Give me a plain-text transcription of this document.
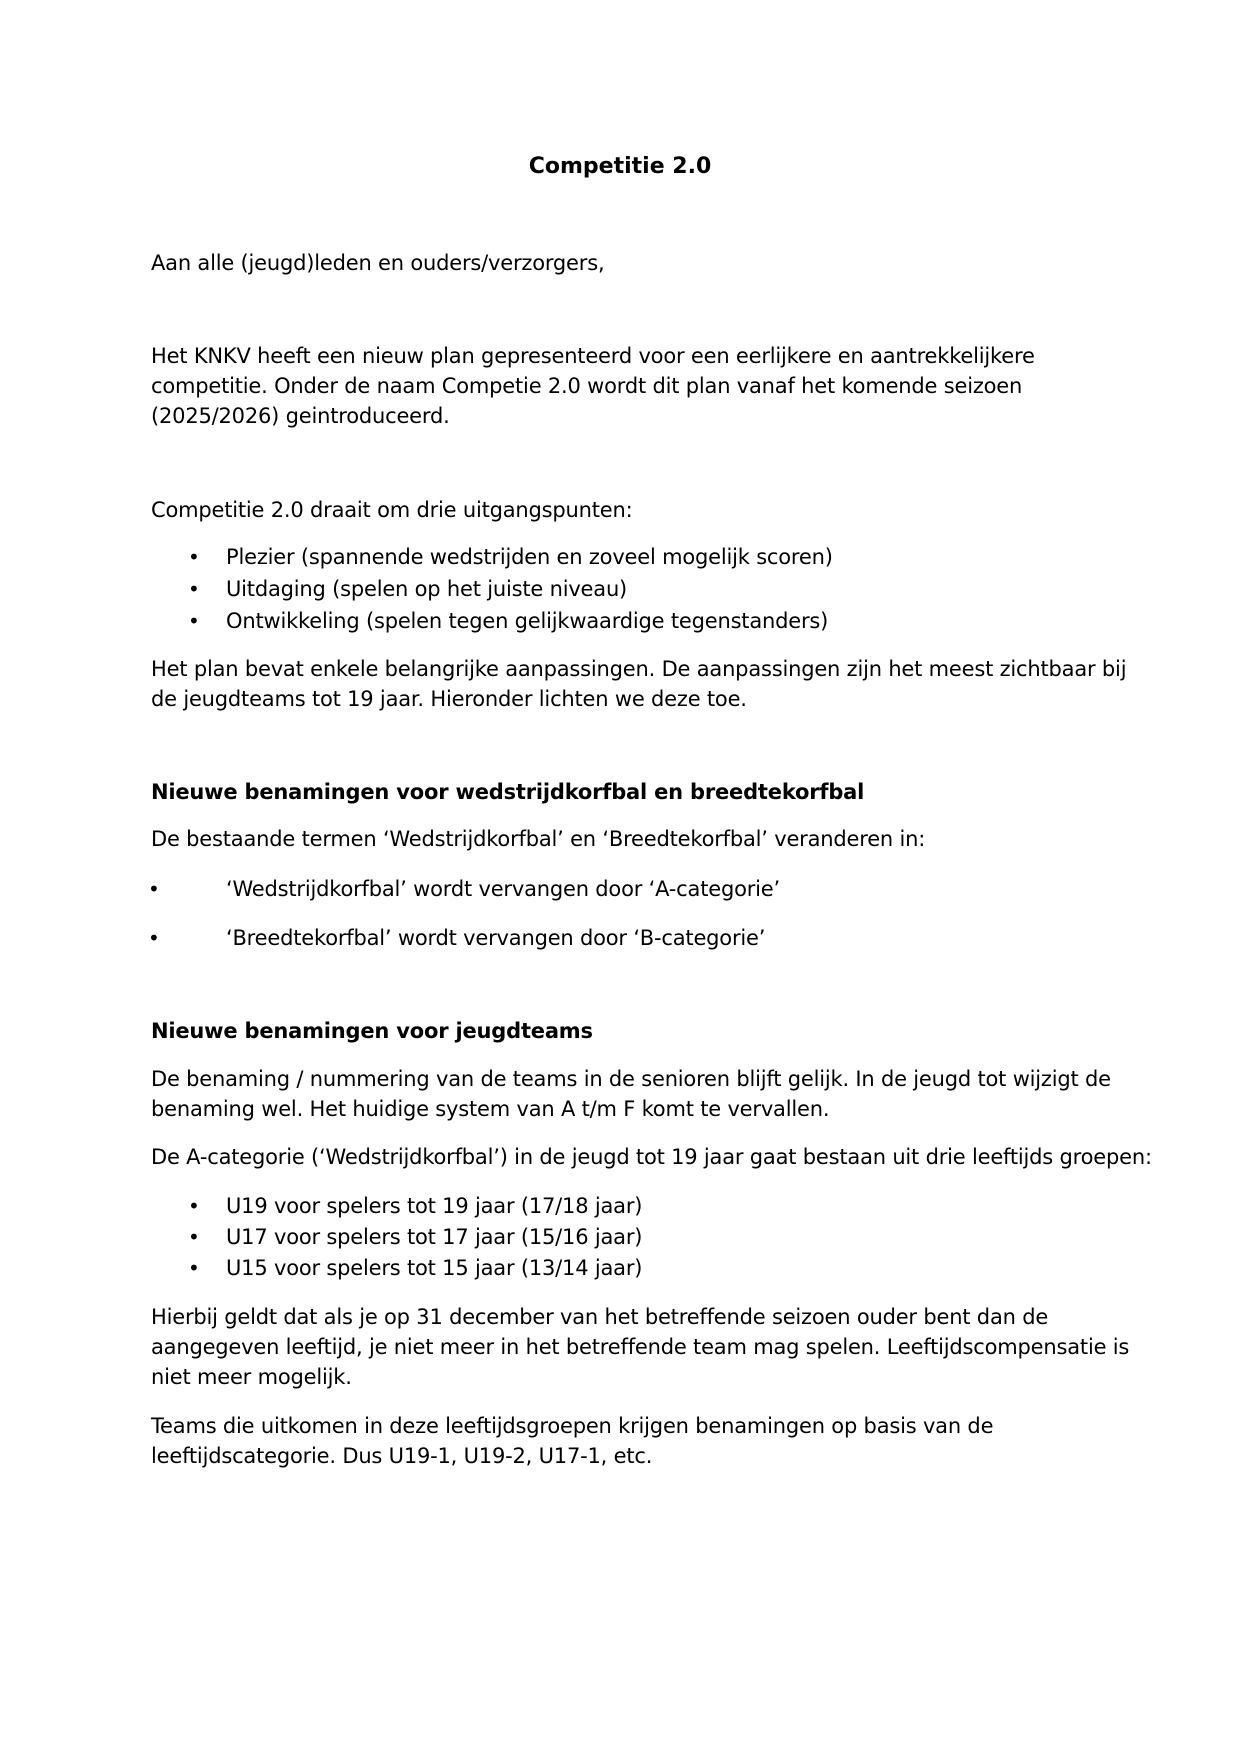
Competitie 2.0
Aan alle (jeugd)leden en ouders/verzorgers,
Het KNKV heeft een nieuw plan gepresenteerd voor een eerlijkere en aantrekkelijkere
competitie. Onder de naam Competie 2.0 wordt dit plan vanaf het komende seizoen
(2025/2026) geintroduceerd.
Competitie 2.0 draait om drie uitgangspunten:
• Plezier (spannende wedstrijden en zoveel mogelijk scoren)
• Uitdaging (spelen op het juiste niveau)
• Ontwikkeling (spelen tegen gelijkwaardige tegenstanders)
Het plan bevat enkele belangrijke aanpassingen. De aanpassingen zijn het meest zichtbaar bij
de jeugdteams tot 19 jaar. Hieronder lichten we deze toe.
Nieuwe benamingen voor wedstrijdkorfbal en breedtekorfbal
De bestaande termen ‘Wedstrijdkorfbal’ en ‘Breedtekorfbal’ veranderen in:
•	‘Wedstrijdkorfbal’ wordt vervangen door ‘A-categorie’
•	‘Breedtekorfbal’ wordt vervangen door ‘B-categorie’
Nieuwe benamingen voor jeugdteams
De benaming / nummering van de teams in de senioren blijft gelijk. In de jeugd tot wijzigt de
benaming wel. Het huidige system van A t/m F komt te vervallen.
De A-categorie (‘Wedstrijdkorfbal’) in de jeugd tot 19 jaar gaat bestaan uit drie leeftijds groepen:
• U19 voor spelers tot 19 jaar (17/18 jaar)
• U17 voor spelers tot 17 jaar (15/16 jaar)
• U15 voor spelers tot 15 jaar (13/14 jaar)
Hierbij geldt dat als je op 31 december van het betreffende seizoen ouder bent dan de
aangegeven leeftijd, je niet meer in het betreffende team mag spelen. Leeftijdscompensatie is
niet meer mogelijk.
Teams die uitkomen in deze leeftijdsgroepen krijgen benamingen op basis van de
leeftijdscategorie. Dus U19-1, U19-2, U17-1, etc.
